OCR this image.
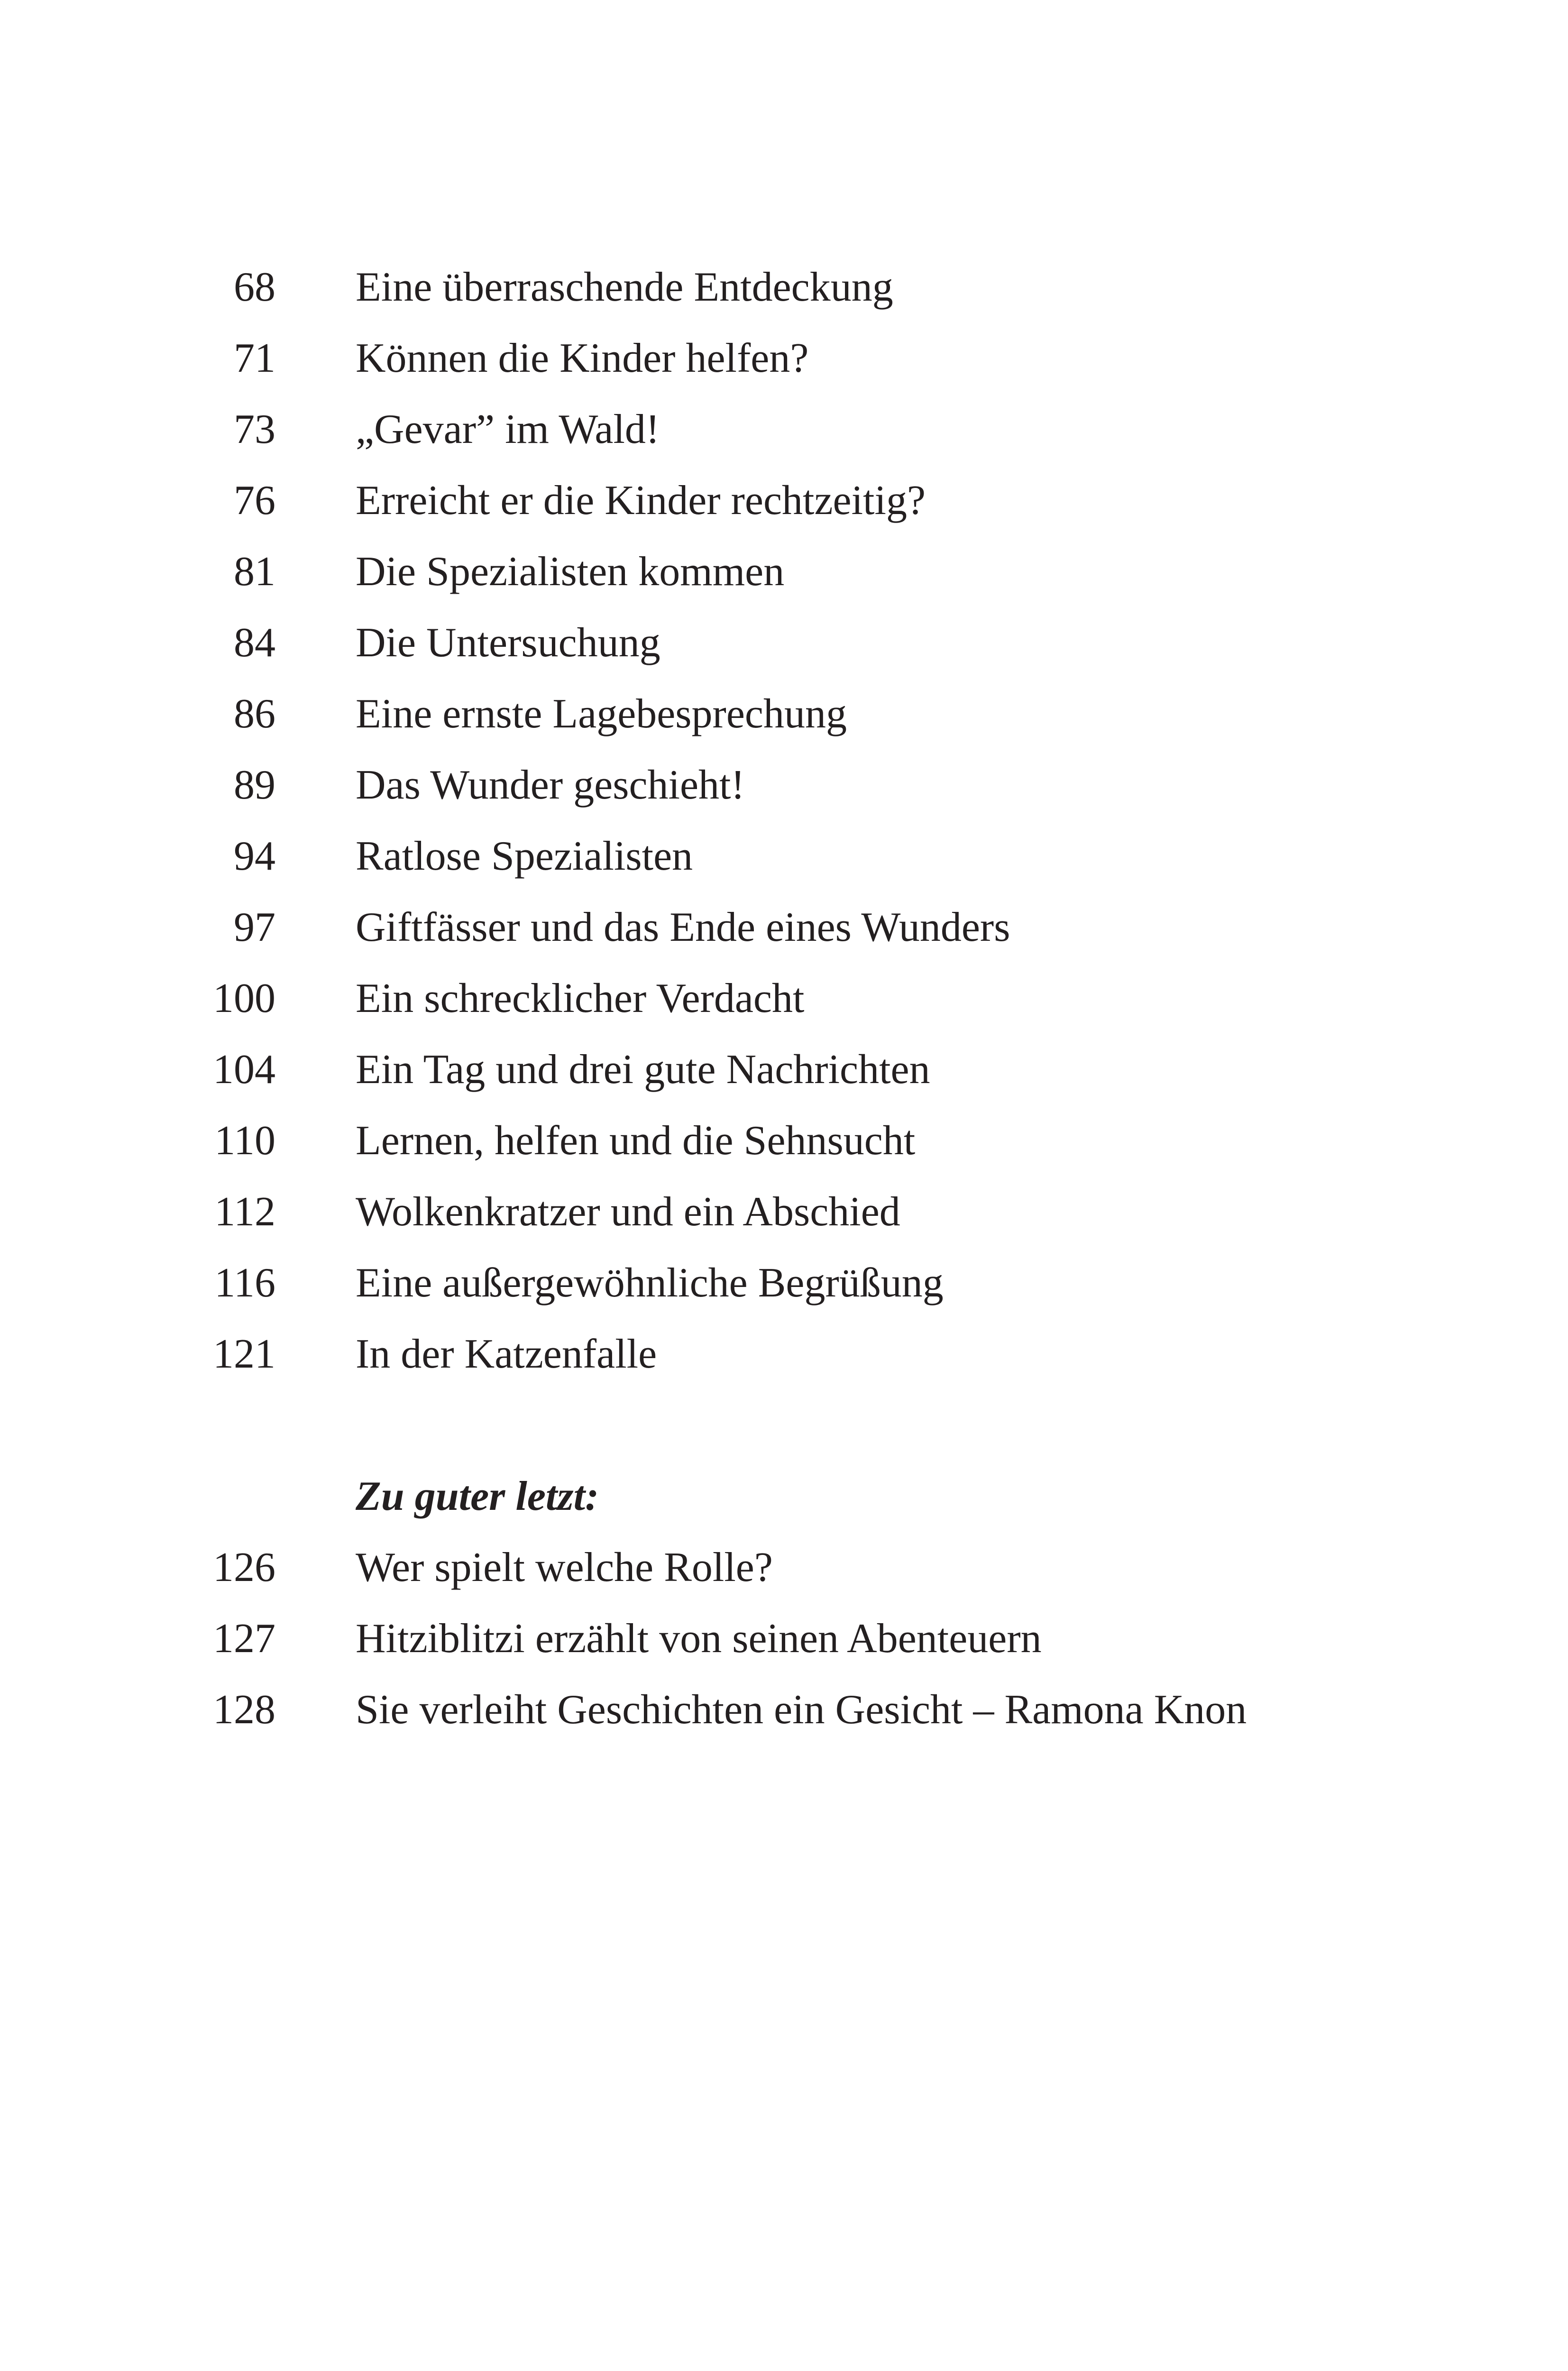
68 Eine überraschende Entdeckung
71 Können die Kinder helfen?
73 „Gevar” im Wald!
76 Erreicht er die Kinder rechtzeitig?
81 Die Spezialisten kommen
84 Die Untersuchung
86 Eine ernste Lagebesprechung
89 Das Wunder geschieht!
94 Ratlose Spezialisten
97 Giftfässer und das Ende eines Wunders
100 Ein schrecklicher Verdacht
104 Ein Tag und drei gute Nachrichten
110 Lernen, helfen und die Sehnsucht
112 Wolkenkratzer und ein Abschied
116 Eine außergewöhnliche Begrüßung
121 In der Katzenfalle
Zu guter letzt:
126 Wer spielt welche Rolle?
127 Hitziblitzi erzählt von seinen Abenteuern
128 Sie verleiht Geschichten ein Gesicht – Ramona Knon
